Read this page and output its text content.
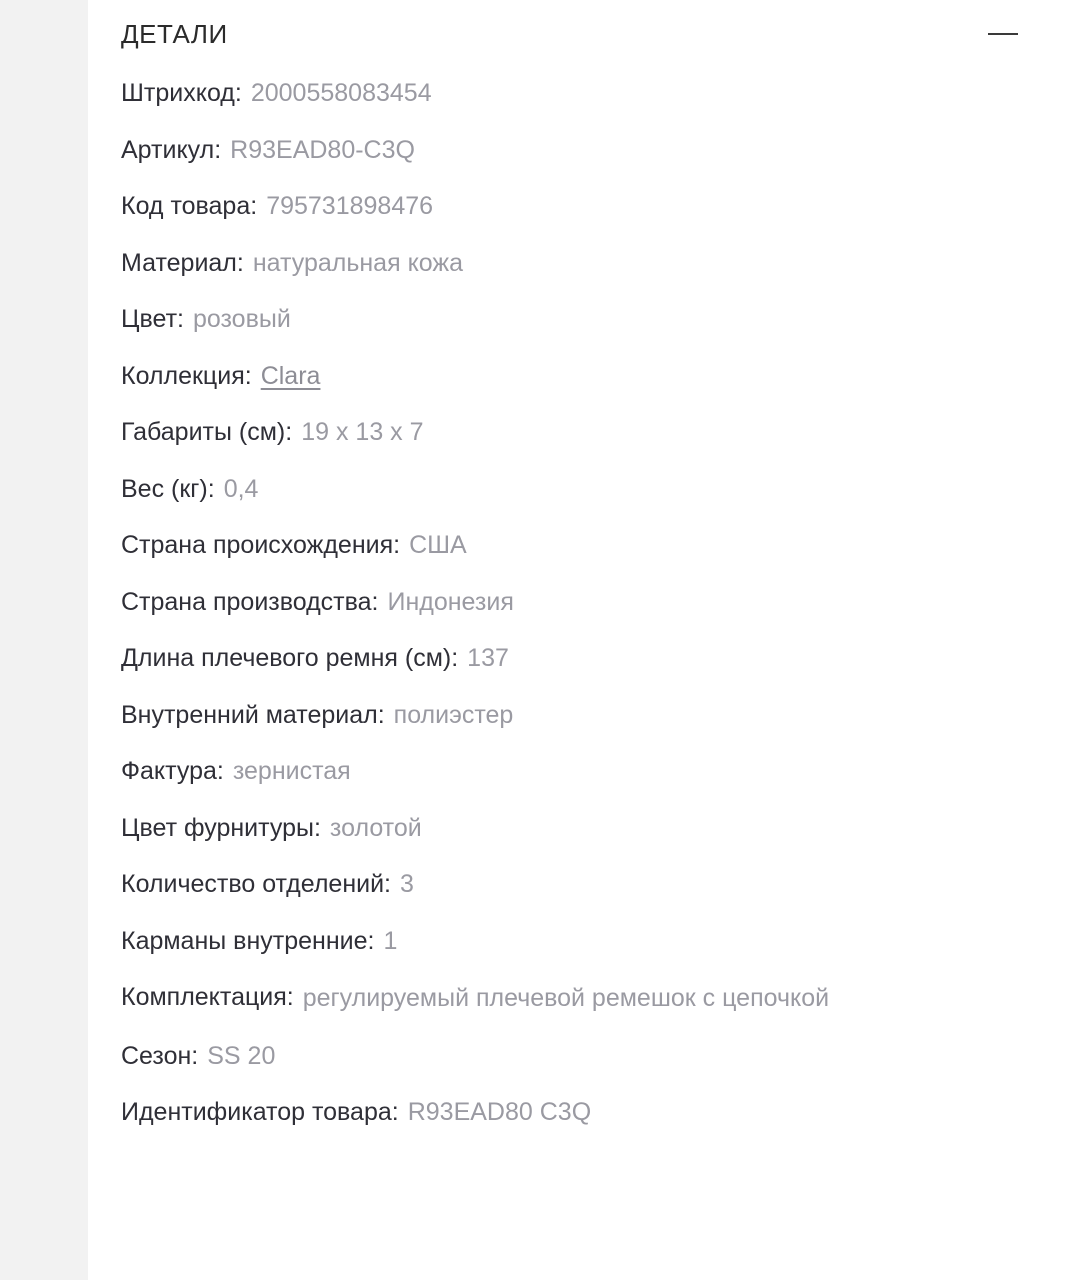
ДЕТАЛИ
Штрихкод: 2000558083454
Артикул: R93EAD80-C3Q
Код товара: 795731898476
Материал: натуральная кожа
Цвет: розовый
Коллекция: Clara
Габариты (см): 19 x 13 x 7
Вес (кг): 0,4
Страна происхождения: США
Страна производства: Индонезия
Длина плечевого ремня (см): 137
Внутренний материал: полиэстер
Фактура: зернистая
Цвет фурнитуры: золотой
Количество отделений: 3
Карманы внутренние: 1
Комплектация: регулируемый плечевой ремешок с цепочкой
Сезон: SS 20
Идентификатор товара: R93EAD80 C3Q
